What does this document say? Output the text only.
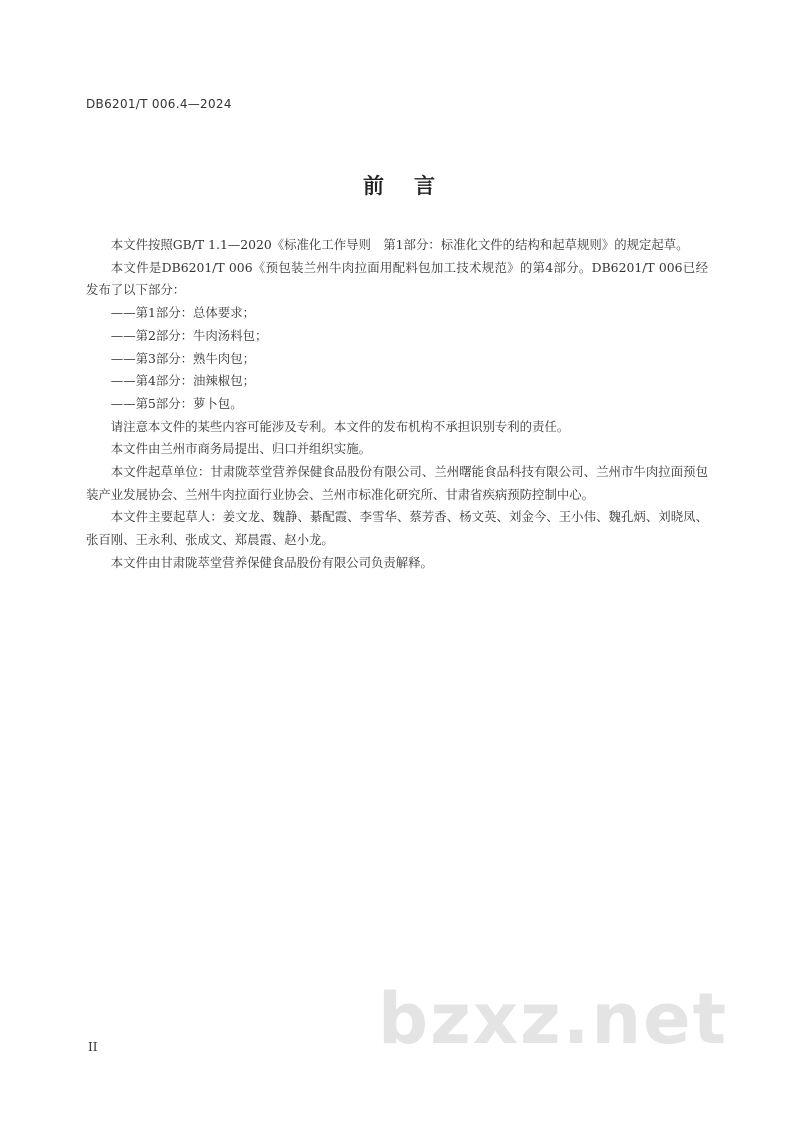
DB6201/T 006.4—2024
前 言

本文件按照GB/T 1.1—2020《标准化工作导则　第1部分：标准化文件的结构和起草规则》的规定起草。

本文件是DB6201/T 006《预包装兰州牛肉拉面用配料包加工技术规范》的第4部分。DB6201/T 006已经发布了以下部分：

——第1部分：总体要求；

——第2部分：牛肉汤料包；

——第3部分：熟牛肉包；

——第4部分：油辣椒包；

——第5部分：萝卜包。

请注意本文件的某些内容可能涉及专利。本文件的发布机构不承担识别专利的责任。

本文件由兰州市商务局提出、归口并组织实施。

本文件起草单位：甘肃陇萃堂营养保健食品股份有限公司、兰州曙能食品科技有限公司、兰州市牛肉拉面预包装产业发展协会、兰州牛肉拉面行业协会、兰州市标准化研究所、甘肃省疾病预防控制中心。

本文件主要起草人：姜文龙、魏静、綦配霞、李雪华、蔡芳香、杨文英、刘金今、王小伟、魏孔炳、刘晓凤、张百刚、王永利、张成文、郑晨霞、赵小龙。

本文件由甘肃陇萃堂营养保健食品股份有限公司负责解释。

bzxz.net
II
